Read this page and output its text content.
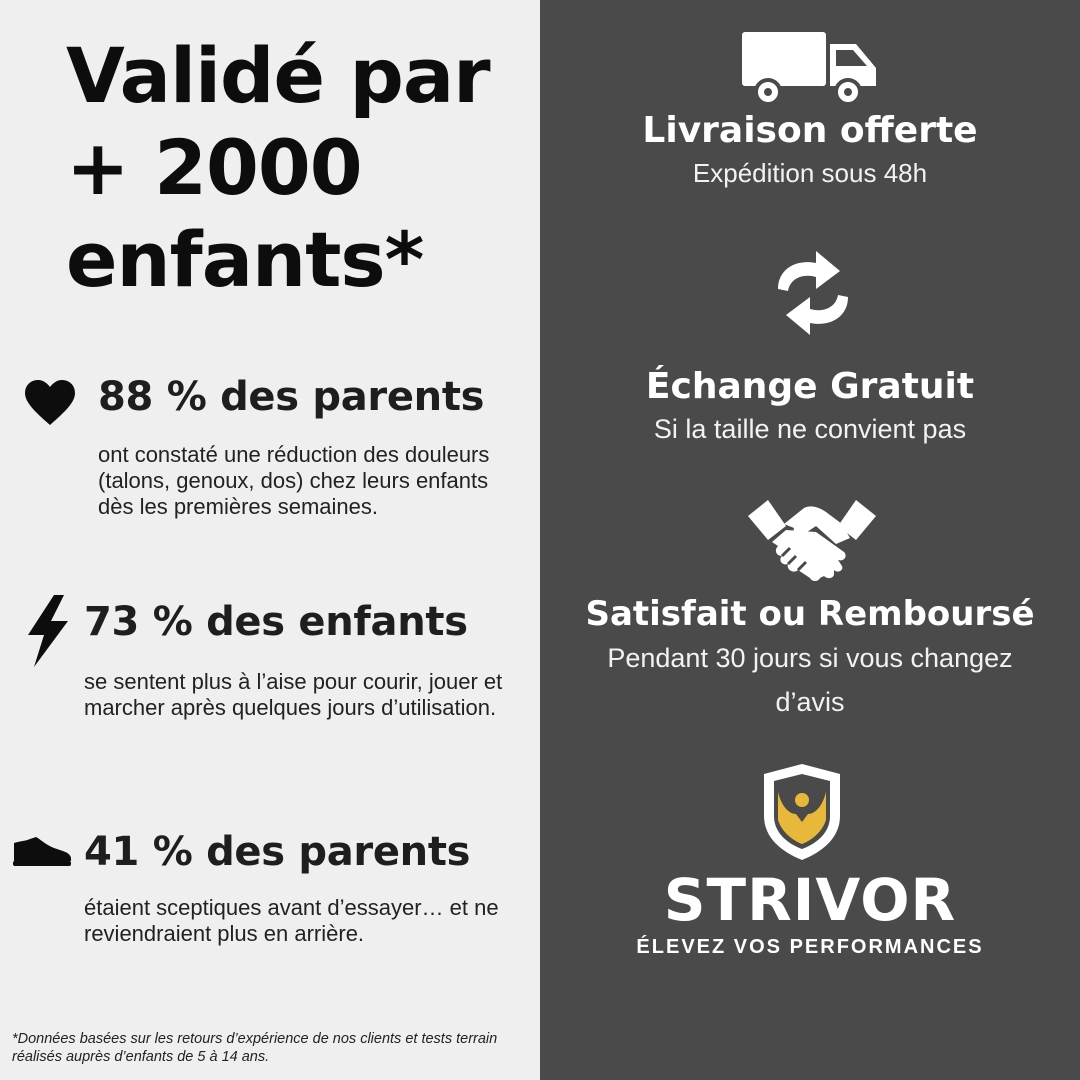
Validé par
+ 2000
enfants*
88 % des parents
ont constaté une réduction des douleurs (talons, genoux, dos) chez leurs enfants dès les premières semaines.
73 % des enfants
se sentent plus à l’aise pour courir, jouer et marcher après quelques jours d’utilisation.
41 % des parents
étaient sceptiques avant d’essayer… et ne reviendraient plus en arrière.
*Données basées sur les retours d’expérience de nos clients et tests terrain réalisés auprès d’enfants de 5 à 14 ans.
Livraison offerte
Expédition sous 48h
Échange Gratuit
Si la taille ne convient pas
Satisfait ou Remboursé
Pendant 30 jours si vous changez d’avis
STRIVOR
ÉLEVEZ VOS PERFORMANCES
